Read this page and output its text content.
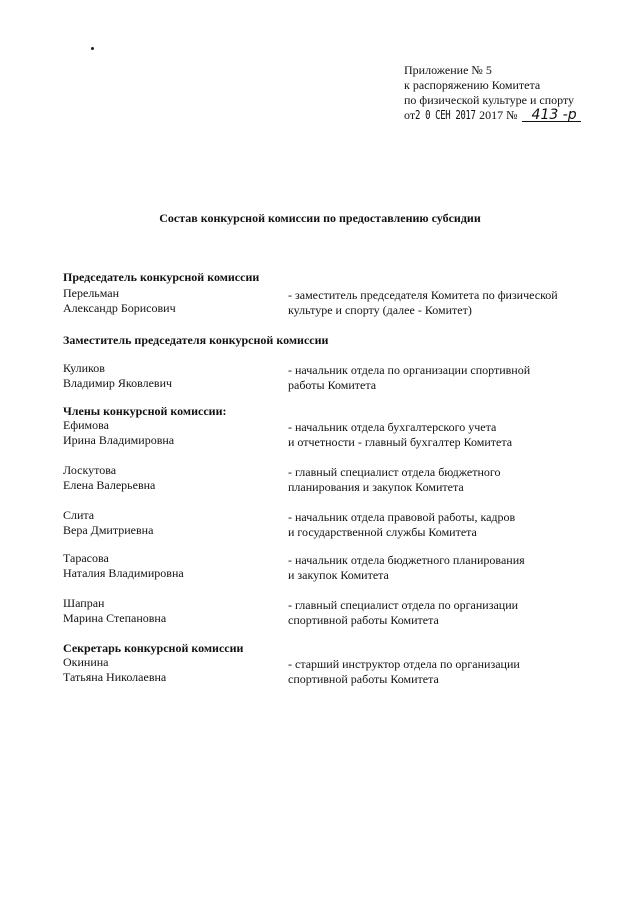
Приложение № 5
к распоряжению Комитета
по физической культуре и спорту
от 2 0 СЕН 2017 2017 №	413 -р
Состав конкурсной комиссии по предоставлению субсидии
Председатель конкурсной комиссии
Перельман
Александр Борисович
- заместитель председателя Комитета по физической
культуре и спорту (далее - Комитет)
Заместитель председателя конкурсной комиссии
Куликов
Владимир Яковлевич
- начальник отдела по организации спортивной
работы Комитета
Члены конкурсной комиссии:
Ефимова
Ирина Владимировна
- начальник отдела бухгалтерского учета
и отчетности - главный бухгалтер Комитета
Лоскутова
Елена Валерьевна
- главный специалист отдела бюджетного
планирования и закупок Комитета
Слита
Вера Дмитриевна
- начальник отдела правовой работы, кадров
и государственной службы Комитета
Тарасова
Наталия Владимировна
- начальник отдела бюджетного планирования
и закупок Комитета
Шапран
Марина Степановна
- главный специалист отдела по организации
спортивной работы Комитета
Секретарь конкурсной комиссии
Окинина
Татьяна Николаевна
- старший инструктор отдела по организации
спортивной работы Комитета
